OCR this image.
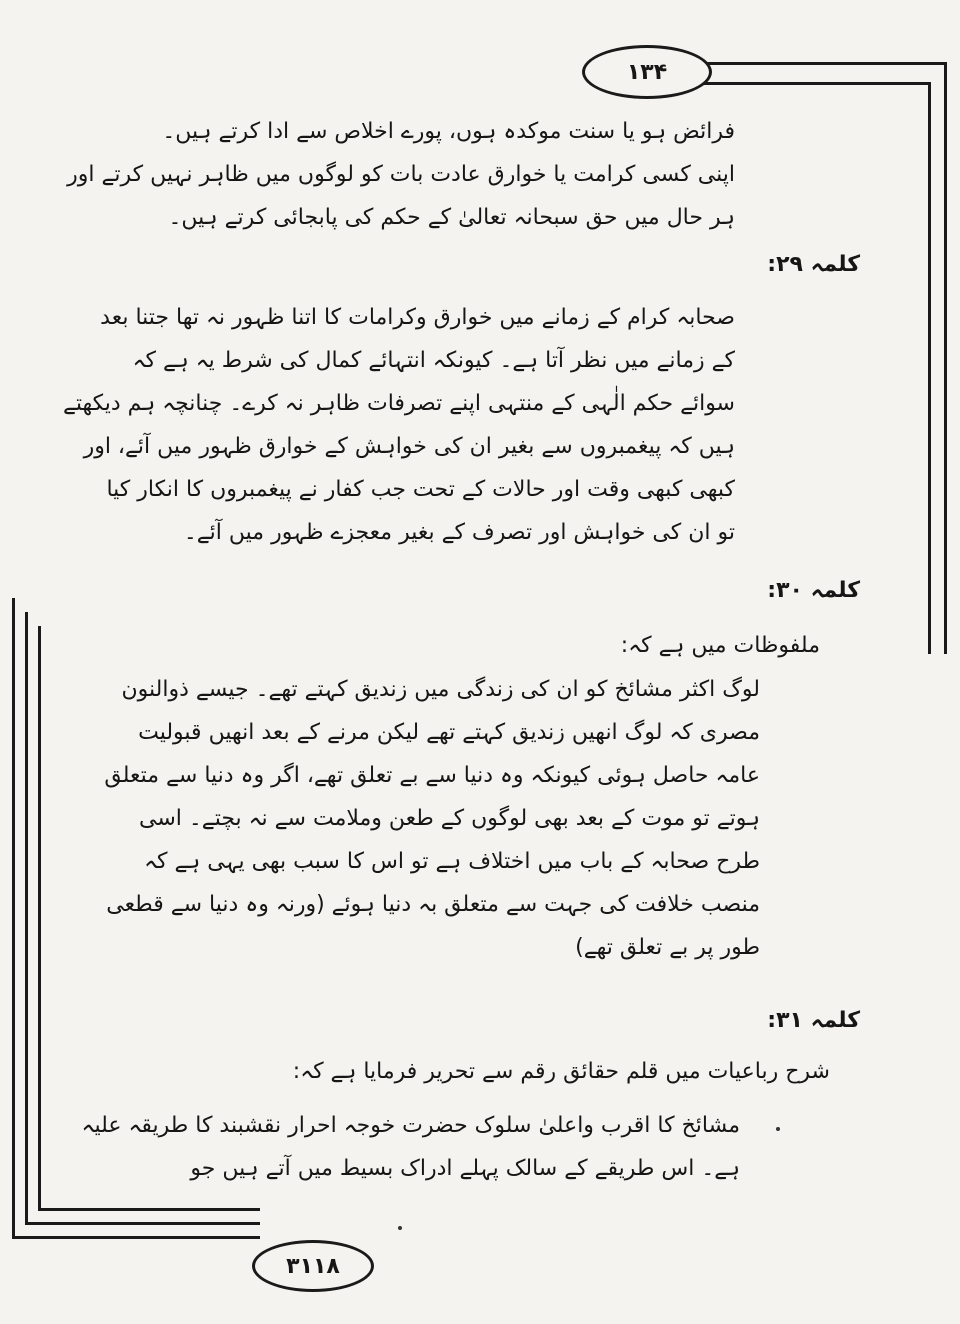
۱۳۴
فرائض ہو یا سنت موکدہ ہوں، پورے اخلاص سے ادا کرتے ہیں۔
اپنی کسی کرامت یا خوارق عادت بات کو لوگوں میں ظاہر نہیں کرتے اور
ہر حال میں حق سبحانہ تعالیٰ کے حکم کی پابجائی کرتے ہیں۔
کلمہ ۲۹:
صحابہ کرام کے زمانے میں خوارق وکرامات کا اتنا ظہور نہ تھا جتنا بعد
کے زمانے میں نظر آتا ہے۔ کیونکہ انتہائے کمال کی شرط یہ ہے کہ
سوائے حکم الٰہی کے منتہی اپنے تصرفات ظاہر نہ کرے۔ چنانچہ ہم دیکھتے
ہیں کہ پیغمبروں سے بغیر ان کی خواہش کے خوارق ظہور میں آئے، اور
کبھی کبھی وقت اور حالات کے تحت جب کفار نے پیغمبروں کا انکار کیا
تو ان کی خواہش اور تصرف کے بغیر معجزے ظہور میں آئے۔
کلمہ ۳۰:
ملفوظات میں ہے کہ:
۳۱۱۸
لوگ اکثر مشائخ کو ان کی زندگی میں زندیق کہتے تھے۔ جیسے ذوالنون
مصری کہ لوگ انھیں زندیق کہتے تھے لیکن مرنے کے بعد انھیں قبولیت
عامہ حاصل ہوئی کیونکہ وہ دنیا سے بے تعلق تھے، اگر وہ دنیا سے متعلق
ہوتے تو موت کے بعد بھی لوگوں کے طعن وملامت سے نہ بچتے۔ اسی
طرح صحابہ کے باب میں اختلاف ہے تو اس کا سبب بھی یہی ہے کہ
منصب خلافت کی جہت سے متعلق بہ دنیا ہوئے (ورنہ وہ دنیا سے قطعی
طور پر بے تعلق تھے)
کلمہ ۳۱:
شرح رباعیات میں قلم حقائق رقم سے تحریر فرمایا ہے کہ:
مشائخ کا اقرب واعلیٰ سلوک حضرت خوجہ احرار نقشبند کا طریقہ علیہ
ہے۔ اس طریقے کے سالک پہلے ادراک بسیط میں آتے ہیں جو
